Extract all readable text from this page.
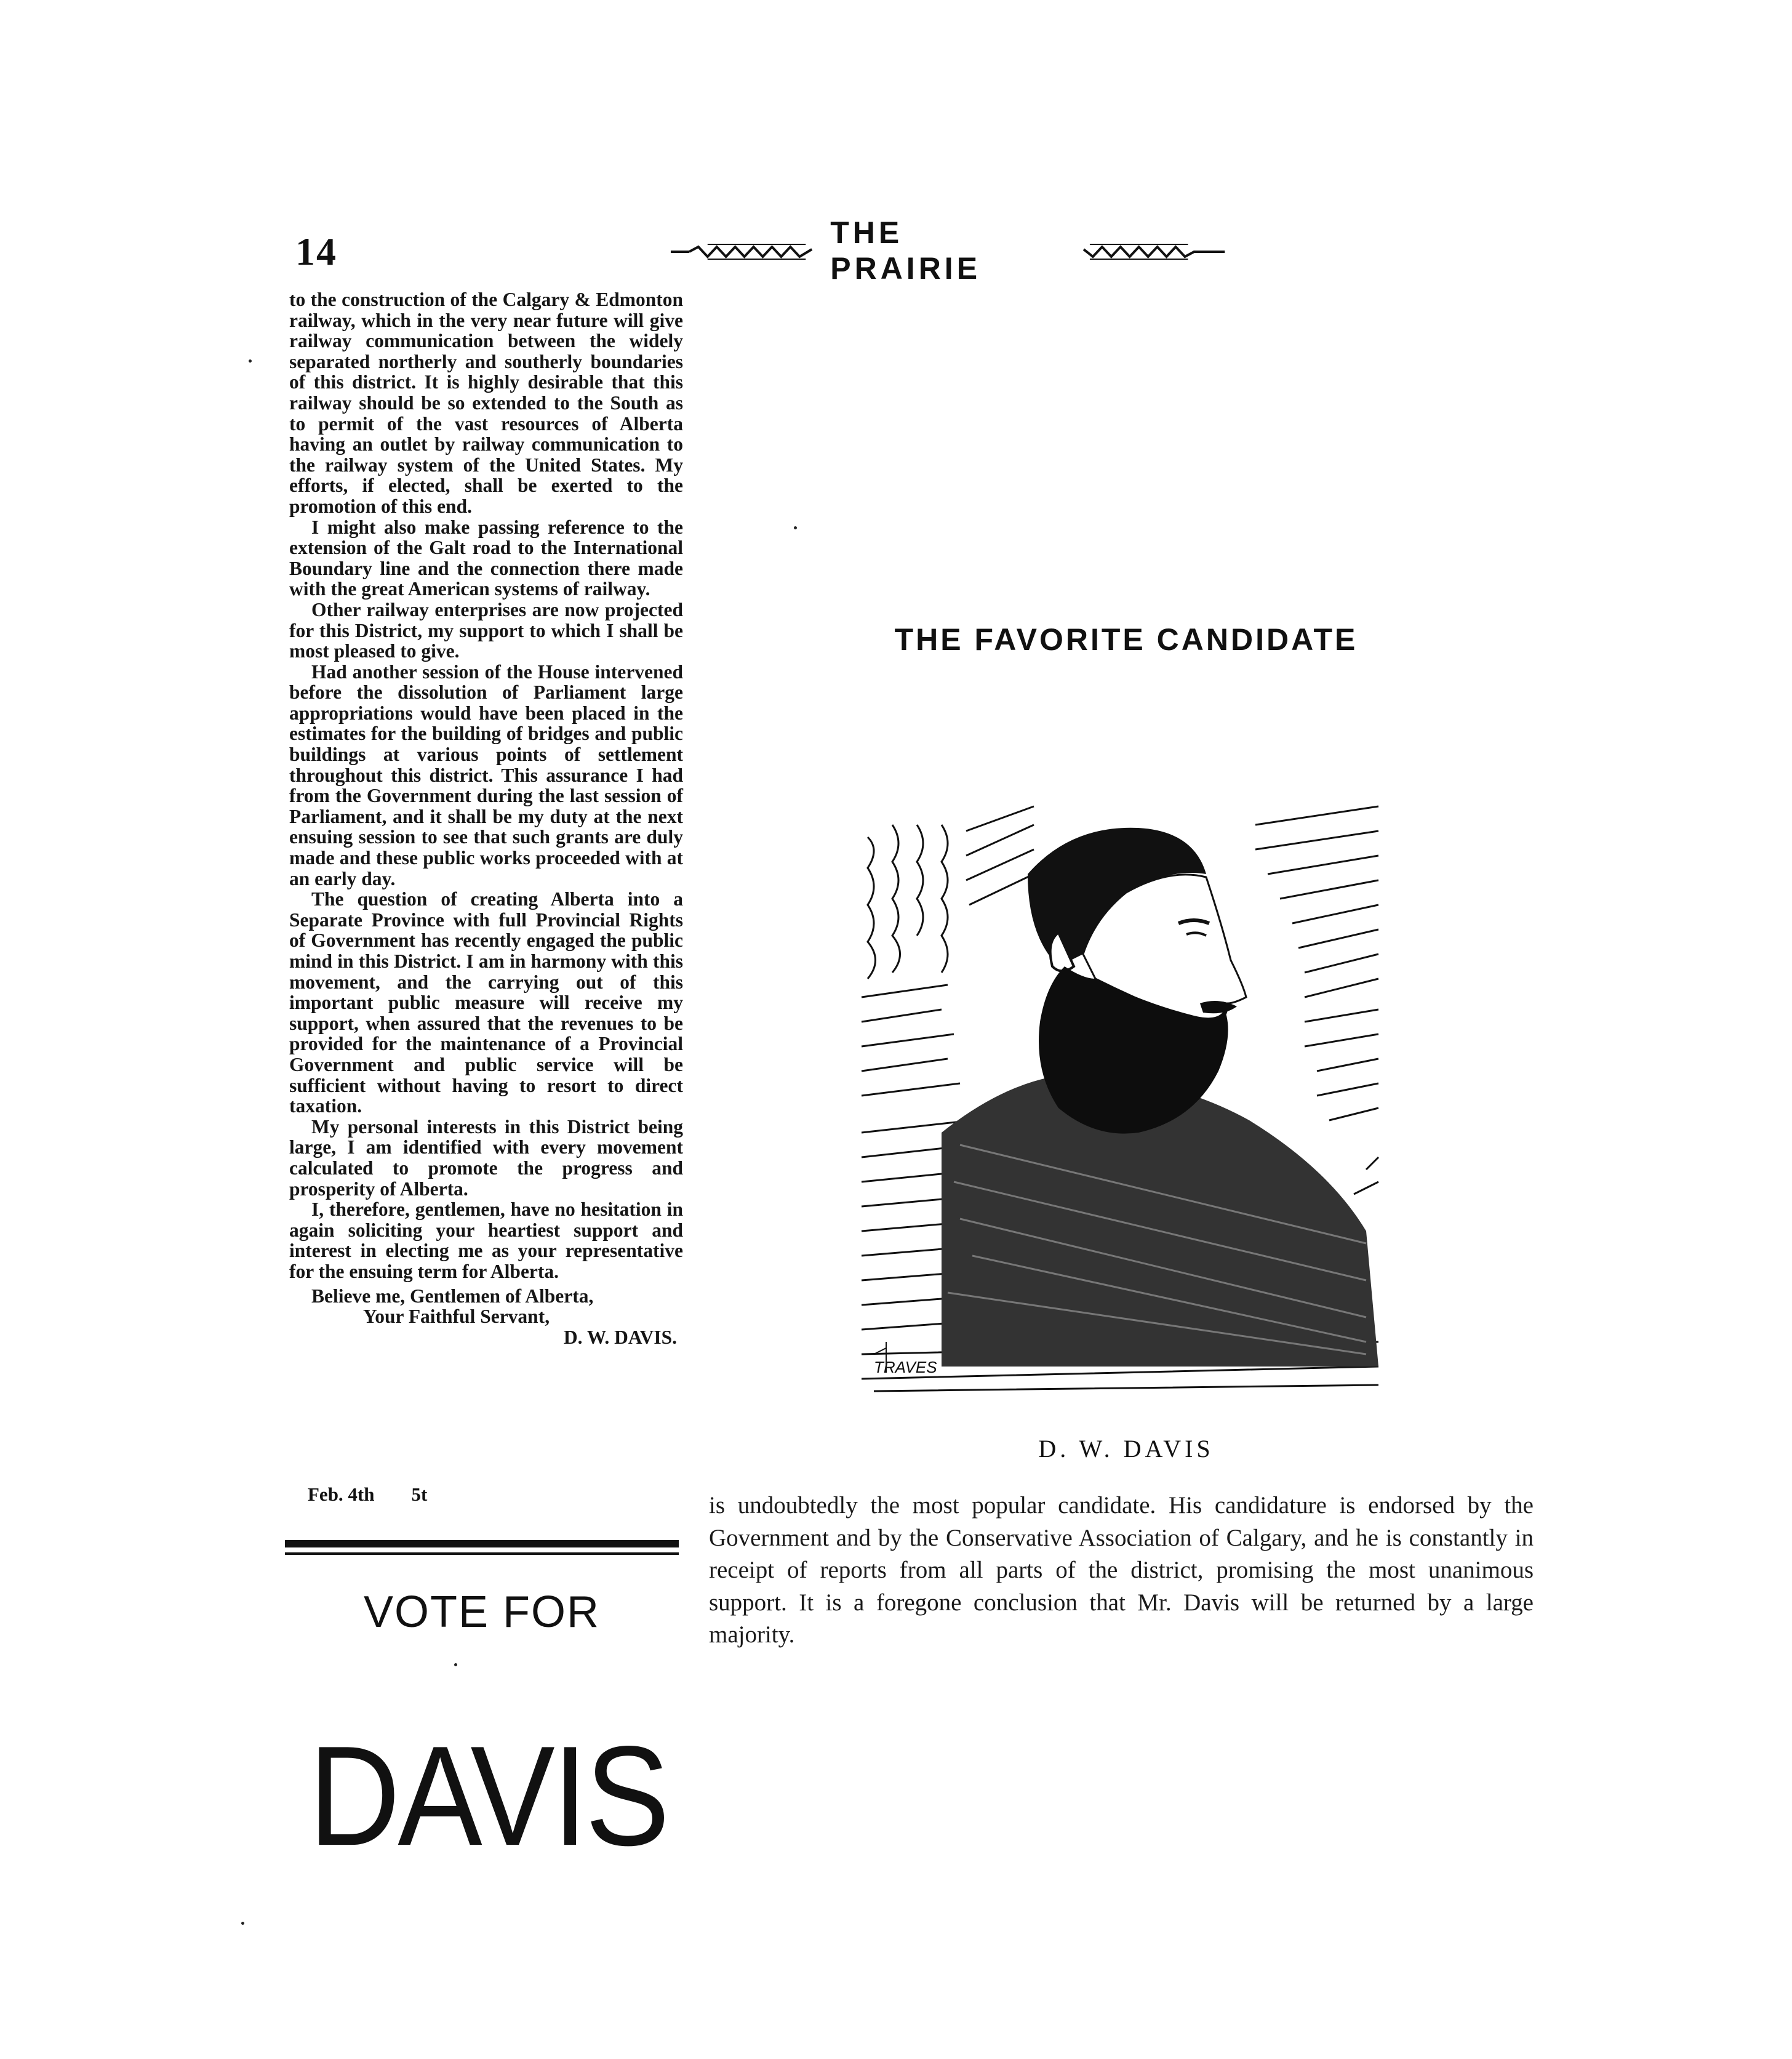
14	THE PRAIRIE

to the construction of the Calgary & Edmonton railway, which in the very near future will give railway communication between the widely separated northerly and southerly boundaries of this district. It is highly desirable that this railway should be so extended to the South as to permit of the vast resources of Alberta having an outlet by railway communication to the railway system of the United States. My efforts, if elected, shall be exerted to the promotion of this end.

I might also make passing reference to the extension of the Galt road to the International Boundary line and the connection there made with the great American systems of railway.

Other railway enterprises are now projected for this District, my support to which I shall be most pleased to give.

Had another session of the House intervened before the dissolution of Parliament large appropriations would have been placed in the estimates for the building of bridges and public buildings at various points of settlement throughout this district. This assurance I had from the Government during the last session of Parliament, and it shall be my duty at the next ensuing session to see that such grants are duly made and these public works proceeded with at an early day.

The question of creating Alberta into a Separate Province with full Provincial Rights of Government has recently engaged the public mind in this District. I am in harmony with this movement, and the carrying out of this important public measure will receive my support, when assured that the revenues to be provided for the maintenance of a Provincial Government and public service will be sufficient without having to resort to direct taxation.

My personal interests in this District being large, I am identified with every movement calculated to promote the progress and prosperity of Alberta.

I, therefore, gentlemen, have no hesitation in again soliciting your heartiest support and interest in electing me as your representative for the ensuing term for Alberta.

Believe me, Gentlemen of Alberta,

Your Faithful Servant,
D. W. DAVIS.
Feb. 4th 5t
VOTE FOR
DAVIS
THE FAVORITE CANDIDATE
TRAVES
D. W. DAVIS

is undoubtedly the most popular candidate. His candidature is endorsed by the Government and by the Conservative Association of Calgary, and he is constantly in receipt of reports from all parts of the district, promising the most unanimous support. It is a foregone conclusion that Mr. Davis will be returned by a large majority.
